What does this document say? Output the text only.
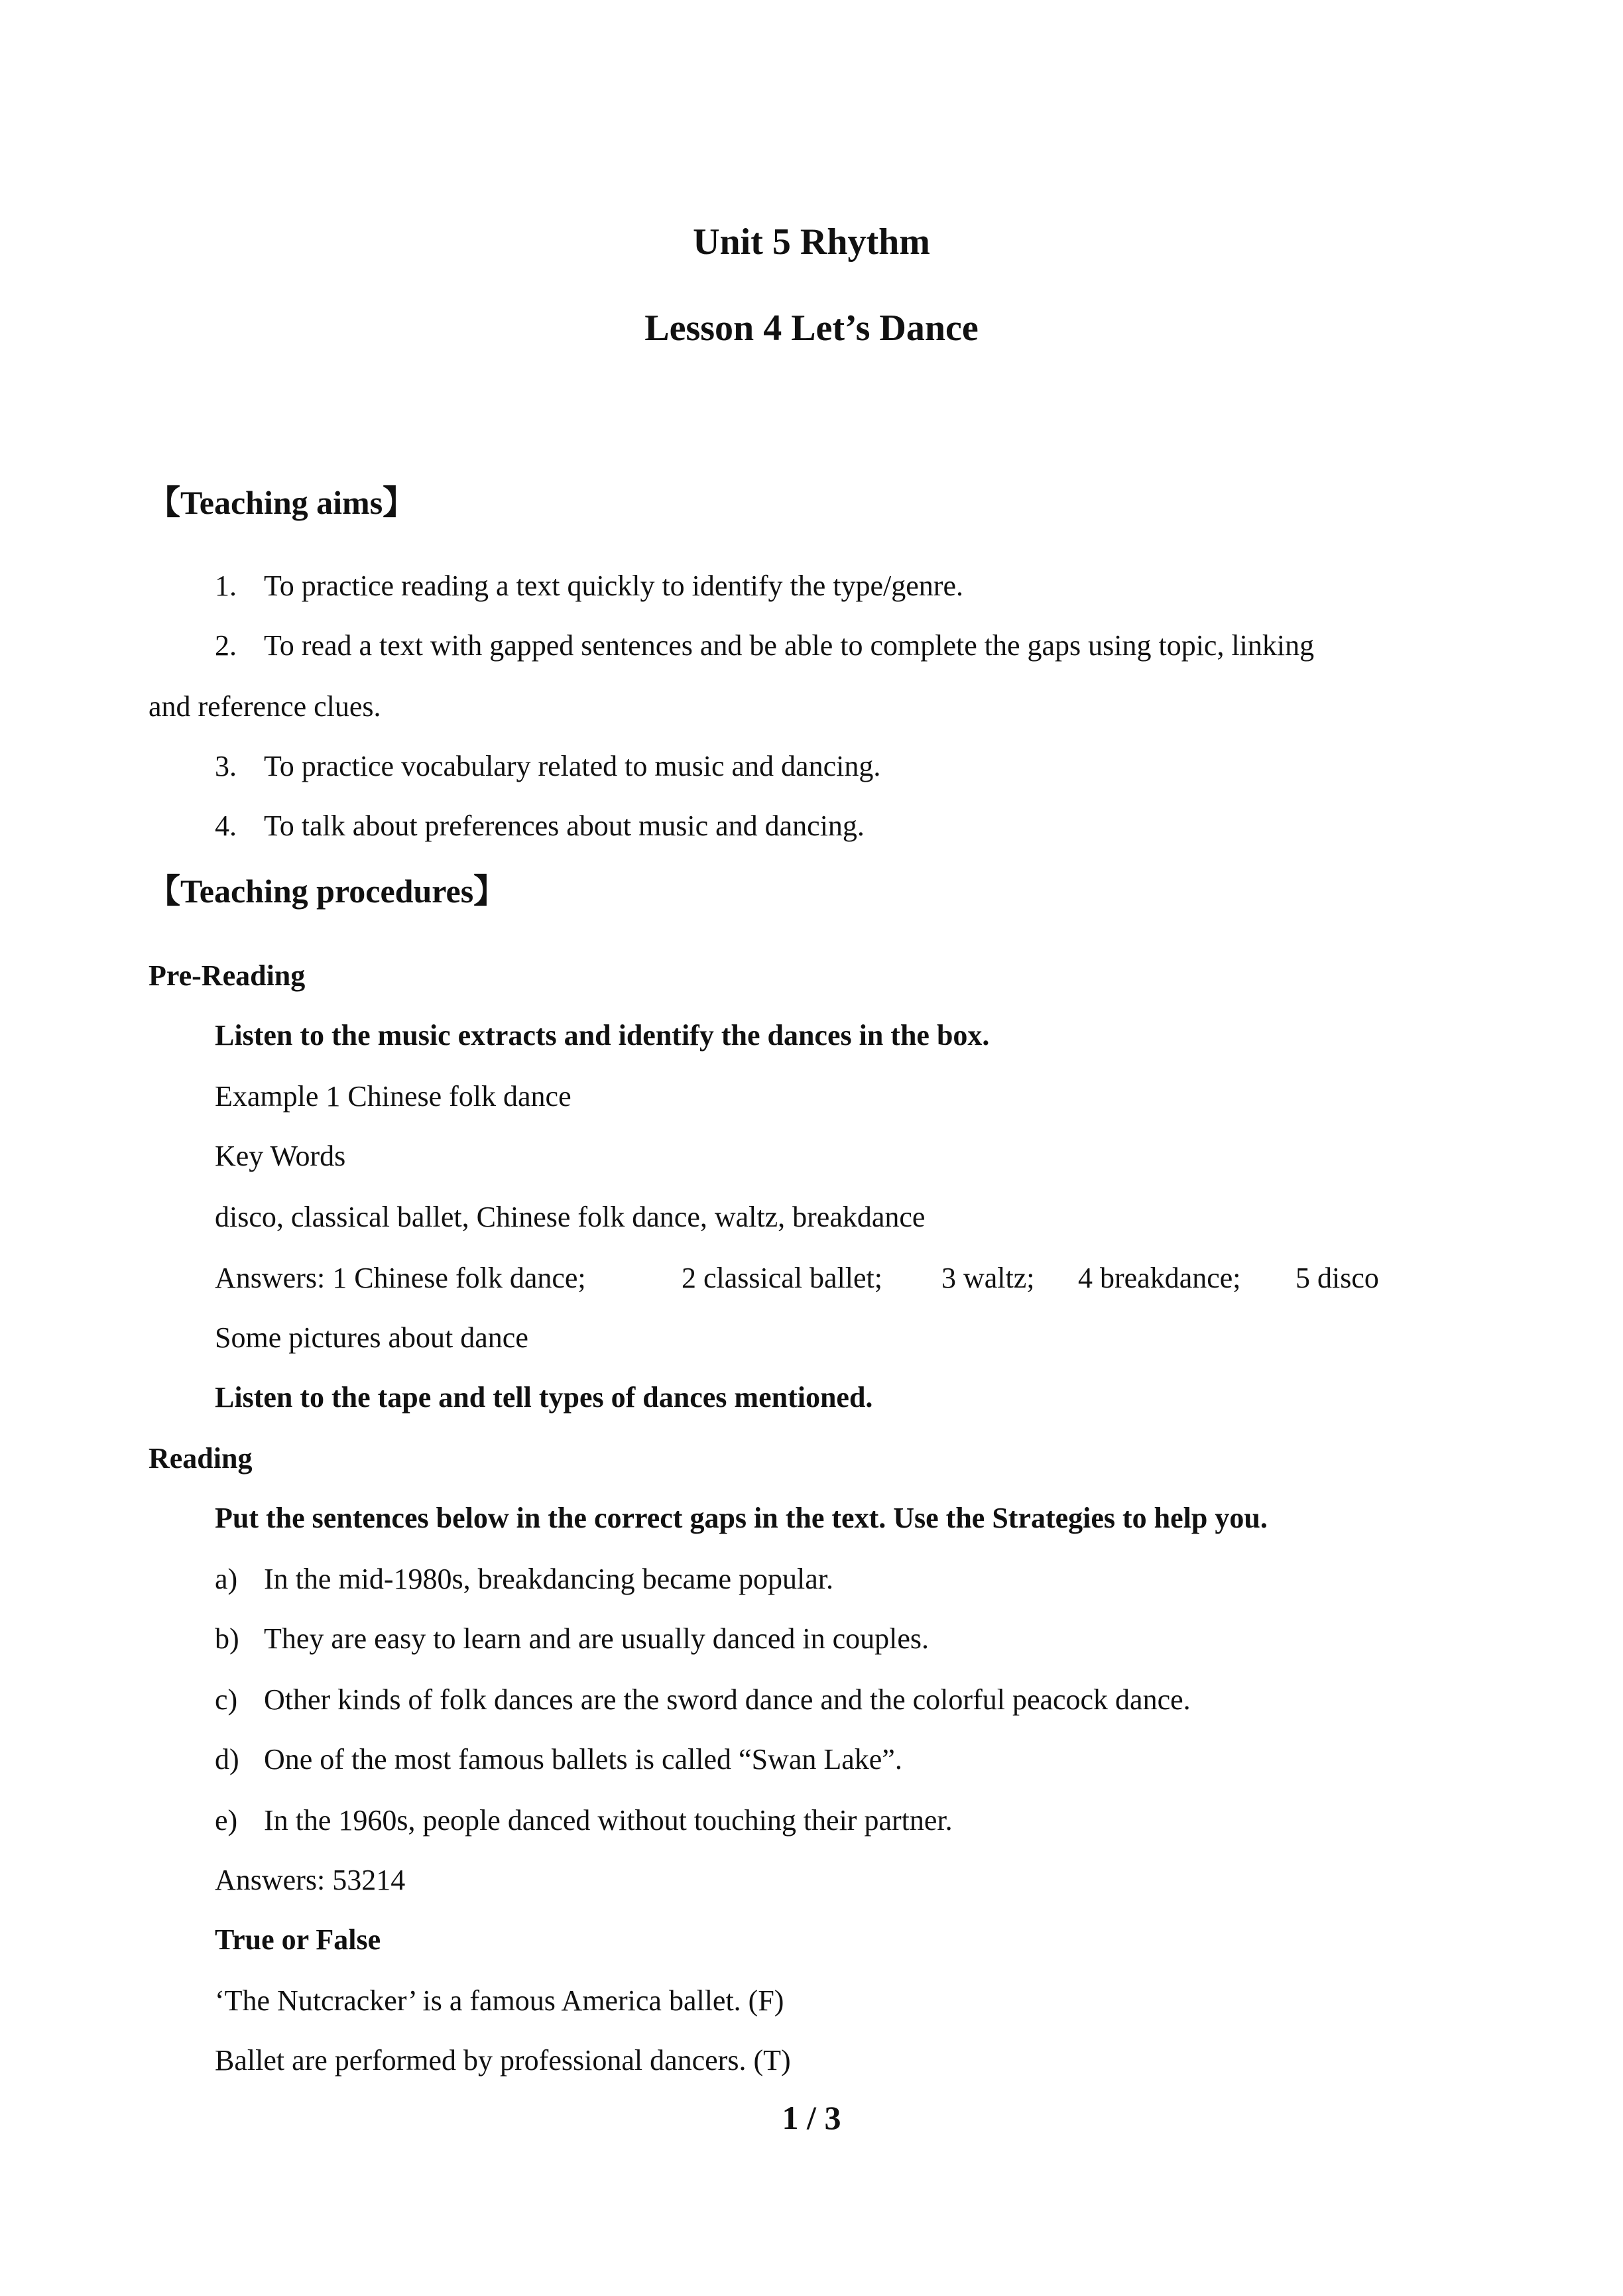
Unit 5 Rhythm
Lesson 4 Let’s Dance
【Teaching aims】
1. To practice reading a text quickly to identify the type/genre.
2. To read a text with gapped sentences and be able to complete the gaps using topic, linking
and reference clues.
3. To practice vocabulary related to music and dancing.
4. To talk about preferences about music and dancing.
【Teaching procedures】
Pre-Reading
Listen to the music extracts and identify the dances in the box.
Example 1 Chinese folk dance
Key Words
disco, classical ballet, Chinese folk dance, waltz, breakdance
Answers: 1 Chinese folk dance;	2 classical ballet; 3 waltz; 4 breakdance; 5 disco
Some pictures about dance
Listen to the tape and tell types of dances mentioned.
Reading
Put the sentences below in the correct gaps in the text. Use the Strategies to help you.
a) In the mid-1980s, breakdancing became popular.
b) They are easy to learn and are usually danced in couples.
c) Other kinds of folk dances are the sword dance and the colorful peacock dance.
d) One of the most famous ballets is called “Swan Lake”.
e) In the 1960s, people danced without touching their partner.
Answers: 53214
True or False
‘The Nutcracker’ is a famous America ballet. (F)
Ballet are performed by professional dancers. (T)
1 / 3
